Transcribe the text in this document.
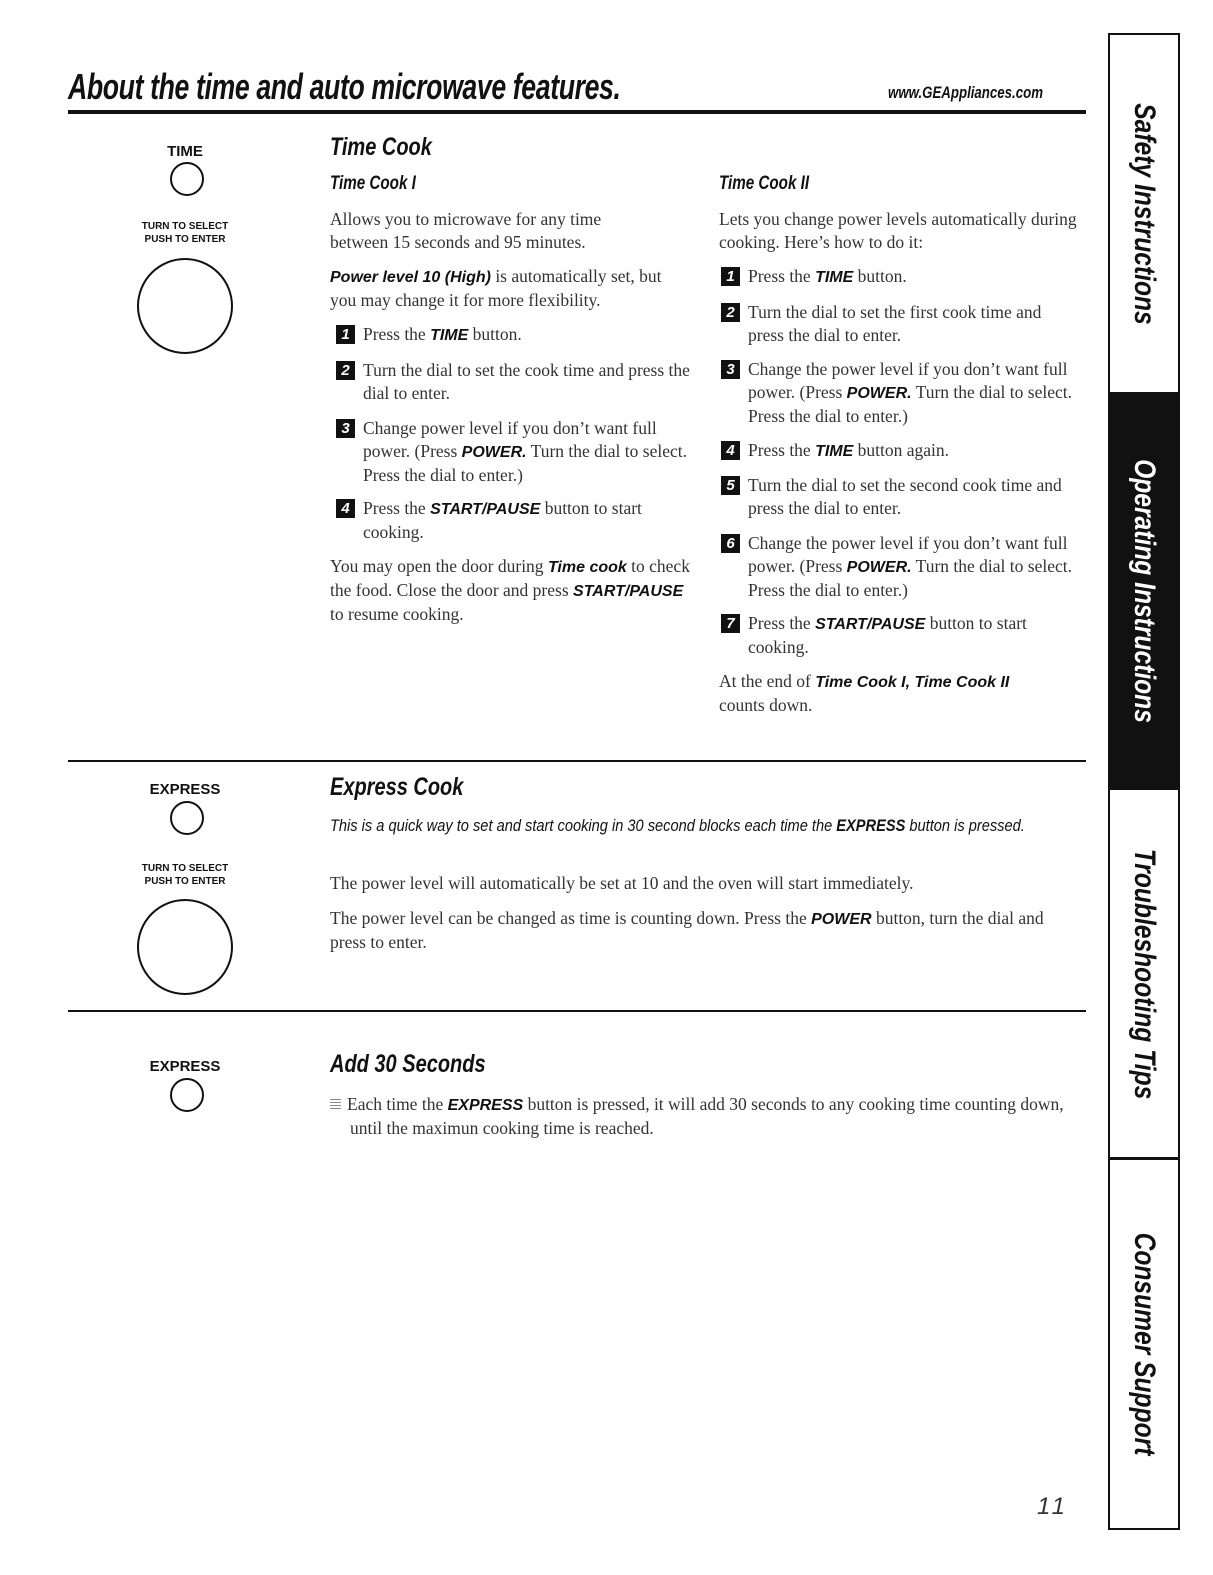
About the time and auto microwave features.	www.GEAppliances.com
TIME
TURN TO SELECT
PUSH TO ENTER
Time Cook
Time Cook I
Allows you to microwave for any time between 15 seconds and 95 minutes.
Power level 10 (High) is automatically set, but you may change it for more flexibility.
1 Press the TIME button.
2 Turn the dial to set the cook time and press the dial to enter.
3 Change power level if you don’t want full power. (Press POWER. Turn the dial to select. Press the dial to enter.)
4 Press the START/PAUSE button to start cooking.
You may open the door during Time cook to check the food. Close the door and press START/PAUSE to resume cooking.
Time Cook II
Lets you change power levels automatically during cooking. Here’s how to do it:
1 Press the TIME button.
2 Turn the dial to set the first cook time and press the dial to enter.
3 Change the power level if you don’t want full power. (Press POWER. Turn the dial to select. Press the dial to enter.)
4 Press the TIME button again.
5 Turn the dial to set the second cook time and press the dial to enter.
6 Change the power level if you don’t want full power. (Press POWER. Turn the dial to select. Press the dial to enter.)
7 Press the START/PAUSE button to start cooking.
At the end of Time Cook I, Time Cook II counts down.
EXPRESS
TURN TO SELECT
PUSH TO ENTER
Express Cook
This is a quick way to set and start cooking in 30 second blocks each time the EXPRESS button is pressed.
The power level will automatically be set at 10 and the oven will start immediately.
The power level can be changed as time is counting down. Press the POWER button, turn the dial and press to enter.
EXPRESS	Add 30 Seconds
Each time the EXPRESS button is pressed, it will add 30 seconds to any cooking time counting down, until the maximun cooking time is reached.
11
Safety Instructions
Operating Instructions
Troubleshooting Tips
Consumer Support
